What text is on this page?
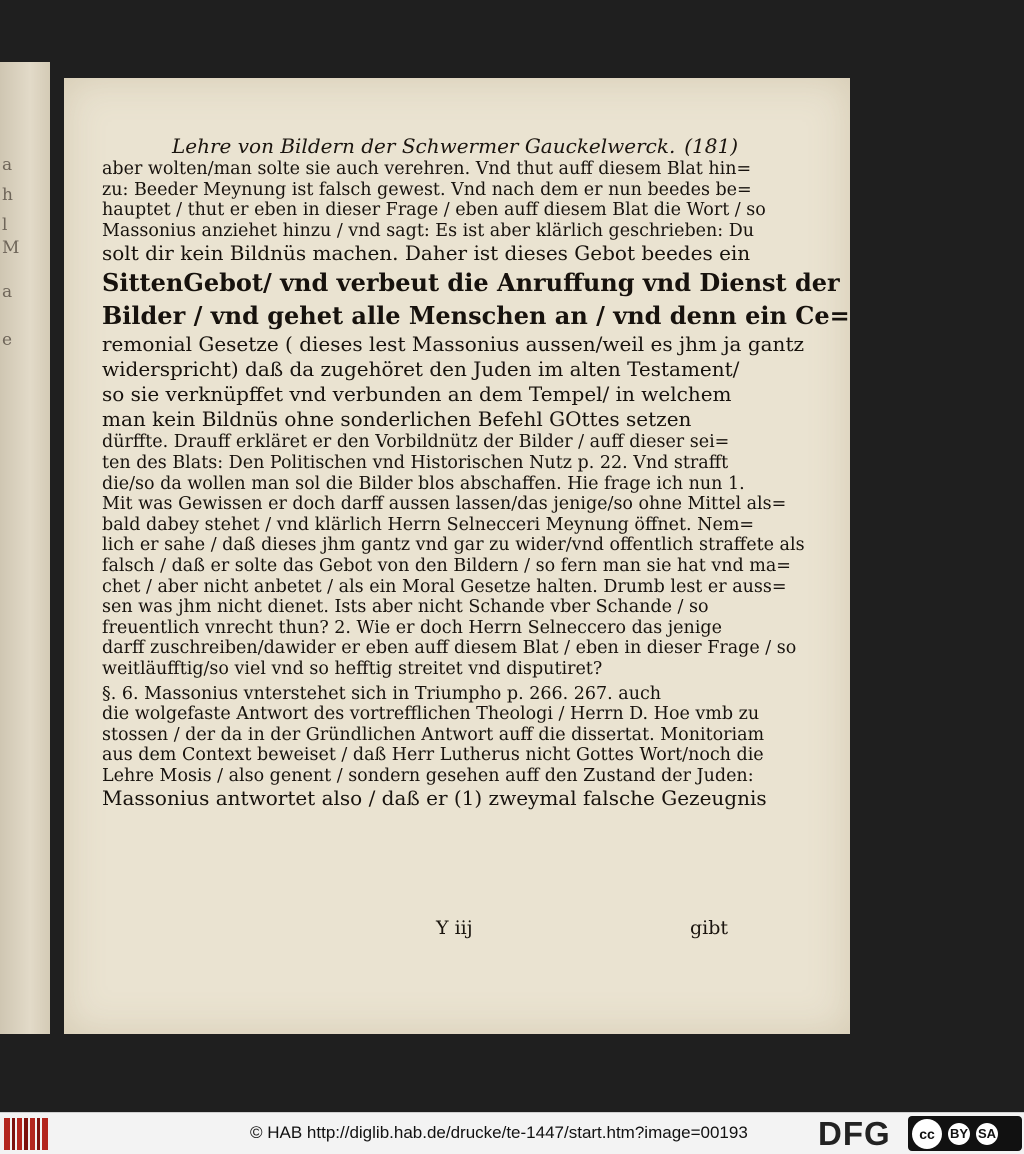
a
h
l
M
a
e
Lehre von Bildern der Schwermer Gauckelwerck. (181)
aber wolten/man solte sie auch verehren. Vnd thut auff diesem Blat hin=
zu: Beeder Meynung ist falsch gewest. Vnd nach dem er nun beedes be=
hauptet / thut er eben in dieser Frage / eben auff diesem Blat die Wort / so
Massonius anziehet hinzu / vnd sagt: Es ist aber klärlich geschrieben: Du
solt dir kein Bildnüs machen. Daher ist dieses Gebot beedes ein
SittenGebot/ vnd verbeut die Anruffung vnd Dienst der
Bilder / vnd gehet alle Menschen an / vnd denn ein Ce=
remonial Gesetze ( dieses lest Massonius aussen/weil es jhm ja gantz
widerspricht) daß da zugehöret den Juden im alten Testament/
so sie verknüpffet vnd verbunden an dem Tempel/ in welchem
man kein Bildnüs ohne sonderlichen Befehl GOttes setzen
dürffte. Drauff erkläret er den Vorbildnütz der Bilder / auff dieser sei=
ten des Blats: Den Politischen vnd Historischen Nutz p. 22. Vnd strafft
die/so da wollen man sol die Bilder blos abschaffen. Hie frage ich nun 1.
Mit was Gewissen er doch darff aussen lassen/das jenige/so ohne Mittel als=
bald dabey stehet / vnd klärlich Herrn Selnecceri Meynung öffnet. Nem=
lich er sahe / daß dieses jhm gantz vnd gar zu wider/vnd offentlich straffete als
falsch / daß er solte das Gebot von den Bildern / so fern man sie hat vnd ma=
chet / aber nicht anbetet / als ein Moral Gesetze halten. Drumb lest er auss=
sen was jhm nicht dienet. Ists aber nicht Schande vber Schande / so
freuentlich vnrecht thun? 2. Wie er doch Herrn Selneccero das jenige
darff zuschreiben/dawider er eben auff diesem Blat / eben in dieser Frage / so
weitläufftig/so viel vnd so hefftig streitet vnd disputiret?
§. 6. Massonius vnterstehet sich in Triumpho p. 266. 267. auch
die wolgefaste Antwort des vortrefflichen Theologi / Herrn D. Hoe vmb zu
stossen / der da in der Gründlichen Antwort auff die dissertat. Monitoriam
aus dem Context beweiset / daß Herr Lutherus nicht Gottes Wort/noch die
Lehre Mosis / also genent / sondern gesehen auff den Zustand der Juden:
Massonius antwortet also / daß er (1) zweymal falsche Gezeugnis
Y iij	gibt
© HAB http://diglib.hab.de/drucke/te-1447/start.htm?image=00193 DFG	cc	BY SA
